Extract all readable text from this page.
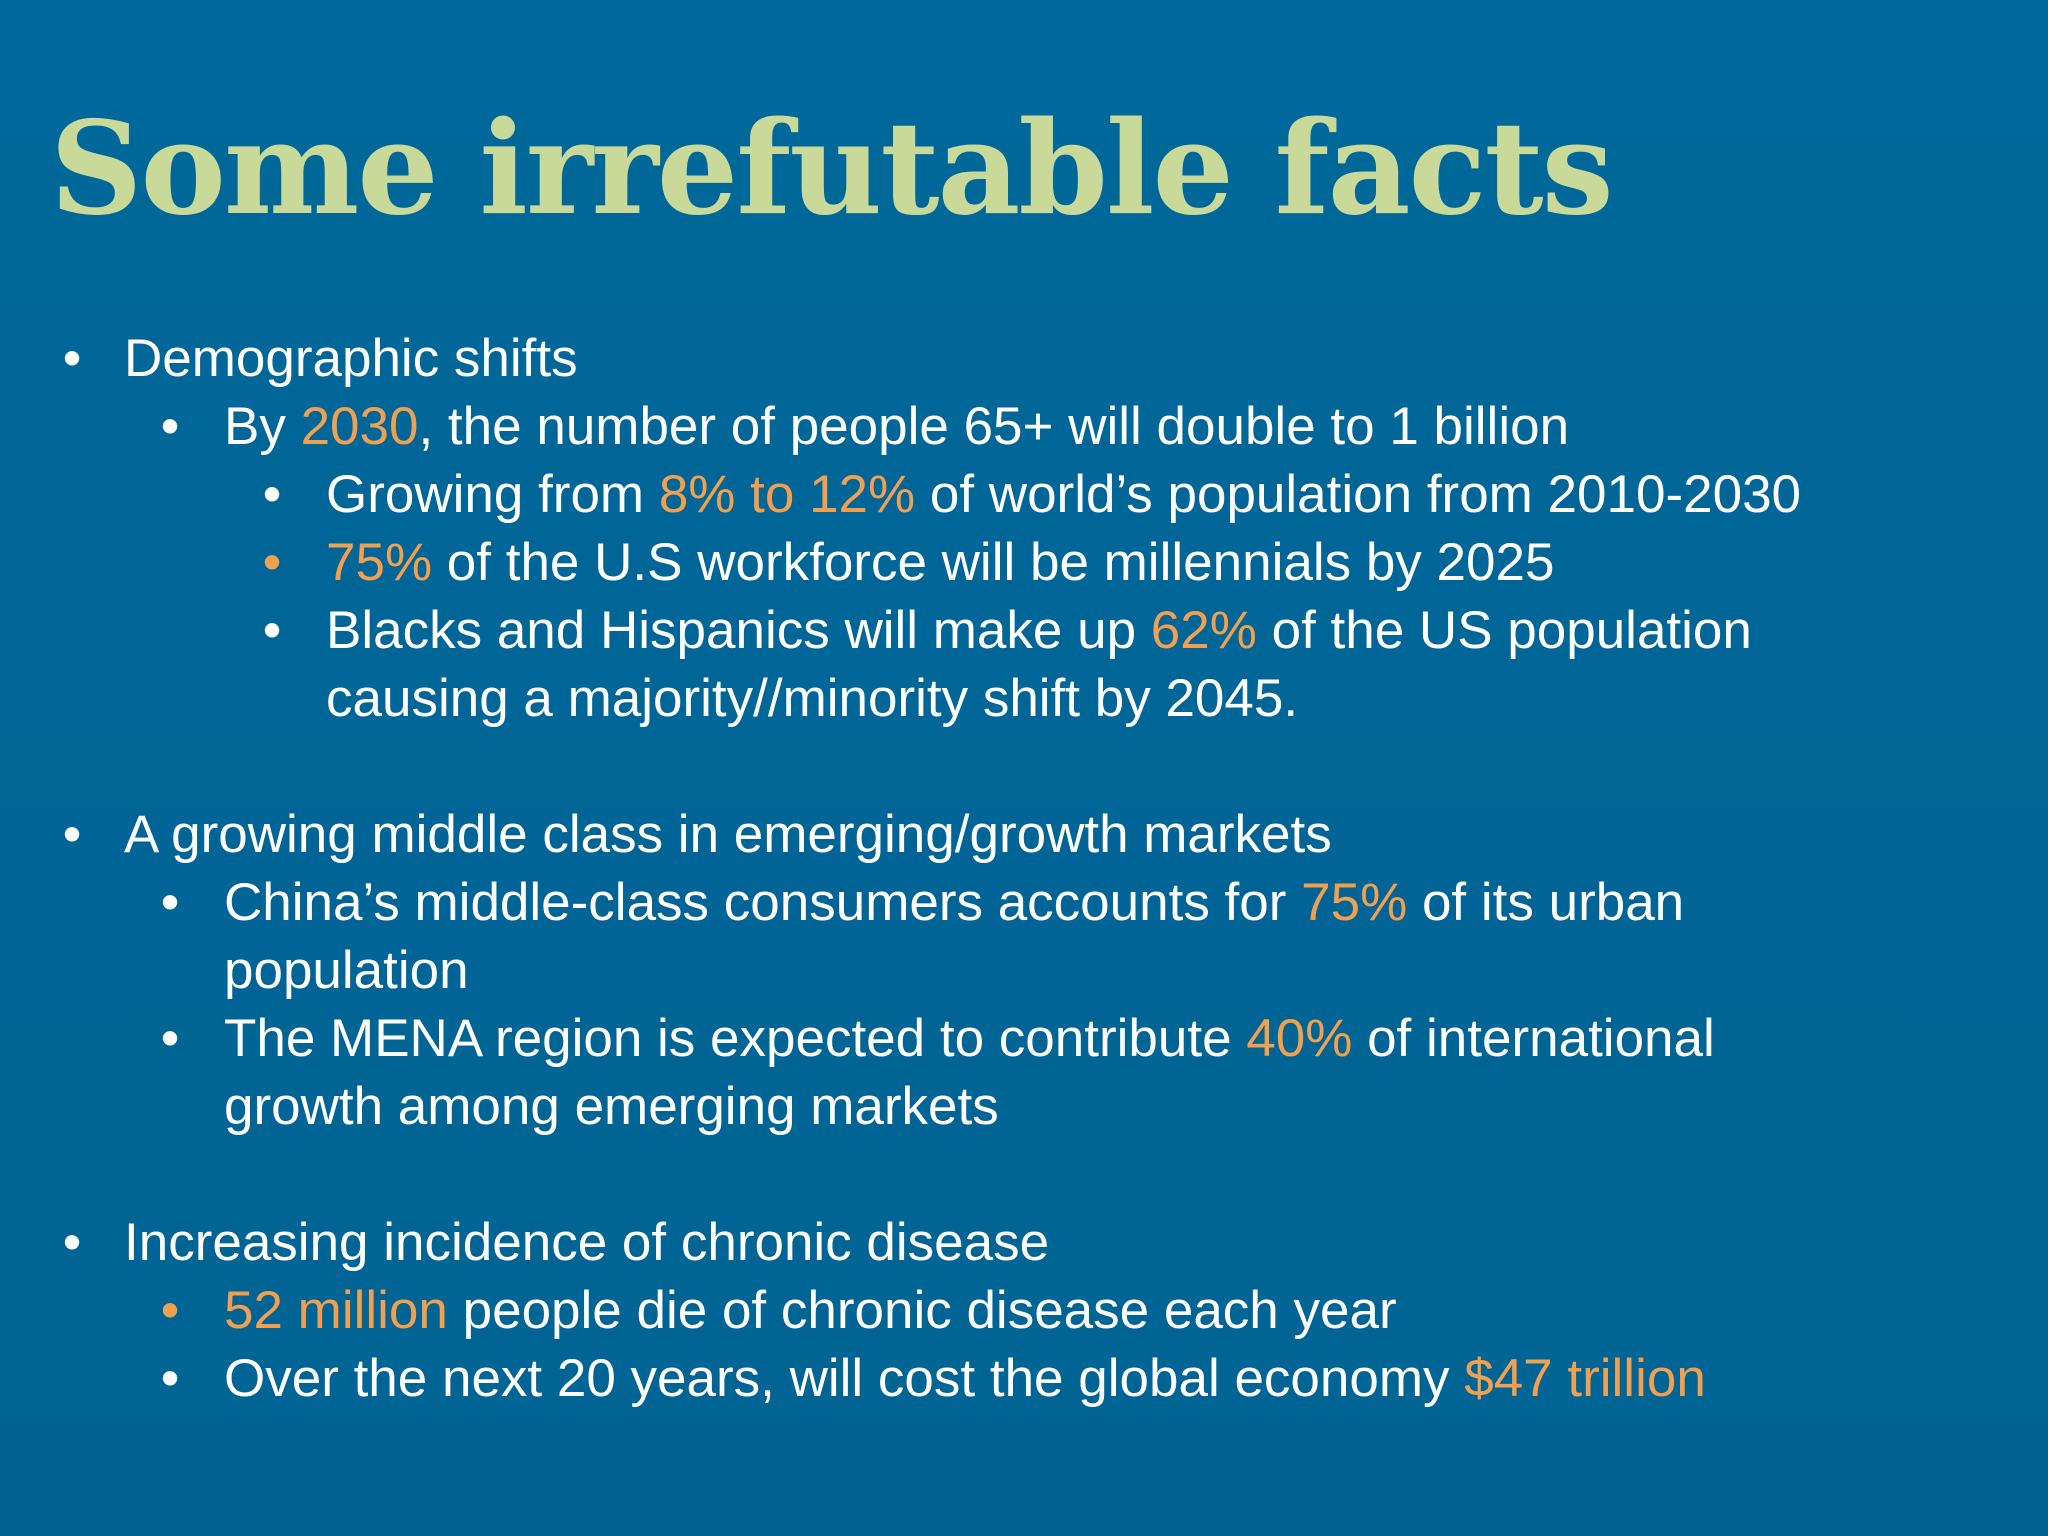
Some irrefutable facts
• Demographic shifts
• By 2030, the number of people 65+ will double to 1 billion
• Growing from 8% to 12% of world’s population from 2010-2030
• 75% of the U.S workforce will be millennials by 2025
• Blacks and Hispanics will make up 62% of the US population
causing a majority//minority shift by 2045.
• A growing middle class in emerging/growth markets
• China’s middle-class consumers accounts for 75% of its urban
population
• The MENA region is expected to contribute 40% of international
growth among emerging markets
• Increasing incidence of chronic disease
• 52 million people die of chronic disease each year
• Over the next 20 years, will cost the global economy $47 trillion
